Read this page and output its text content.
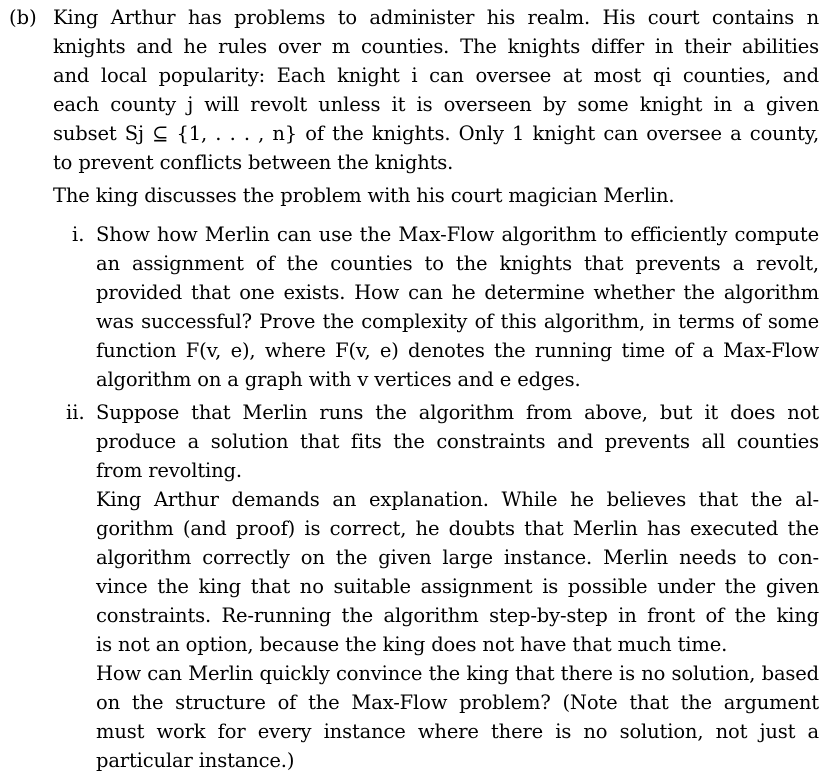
(b) King Arthur has problems to administer his realm. His court contains n
knights and he rules over m counties. The knights differ in their abilities
and local popularity: Each knight i can oversee at most qi counties, and
each county j will revolt unless it is overseen by some knight in a given
subset Sj ⊆ {1, . . . , n} of the knights. Only 1 knight can oversee a county,
to prevent conflicts between the knights.
The king discusses the problem with his court magician Merlin.
i. Show how Merlin can use the Max-Flow algorithm to efficiently compute
an assignment of the counties to the knights that prevents a revolt,
provided that one exists. How can he determine whether the algorithm
was successful? Prove the complexity of this algorithm, in terms of some
function F(v, e), where F(v, e) denotes the running time of a Max-Flow
algorithm on a graph with v vertices and e edges.
ii. Suppose that Merlin runs the algorithm from above, but it does not
produce a solution that fits the constraints and prevents all counties
from revolting.
King Arthur demands an explanation. While he believes that the al-
gorithm (and proof) is correct, he doubts that Merlin has executed the
algorithm correctly on the given large instance. Merlin needs to con-
vince the king that no suitable assignment is possible under the given
constraints. Re-running the algorithm step-by-step in front of the king
is not an option, because the king does not have that much time.
How can Merlin quickly convince the king that there is no solution, based
on the structure of the Max-Flow problem? (Note that the argument
must work for every instance where there is no solution, not just a
particular instance.)
